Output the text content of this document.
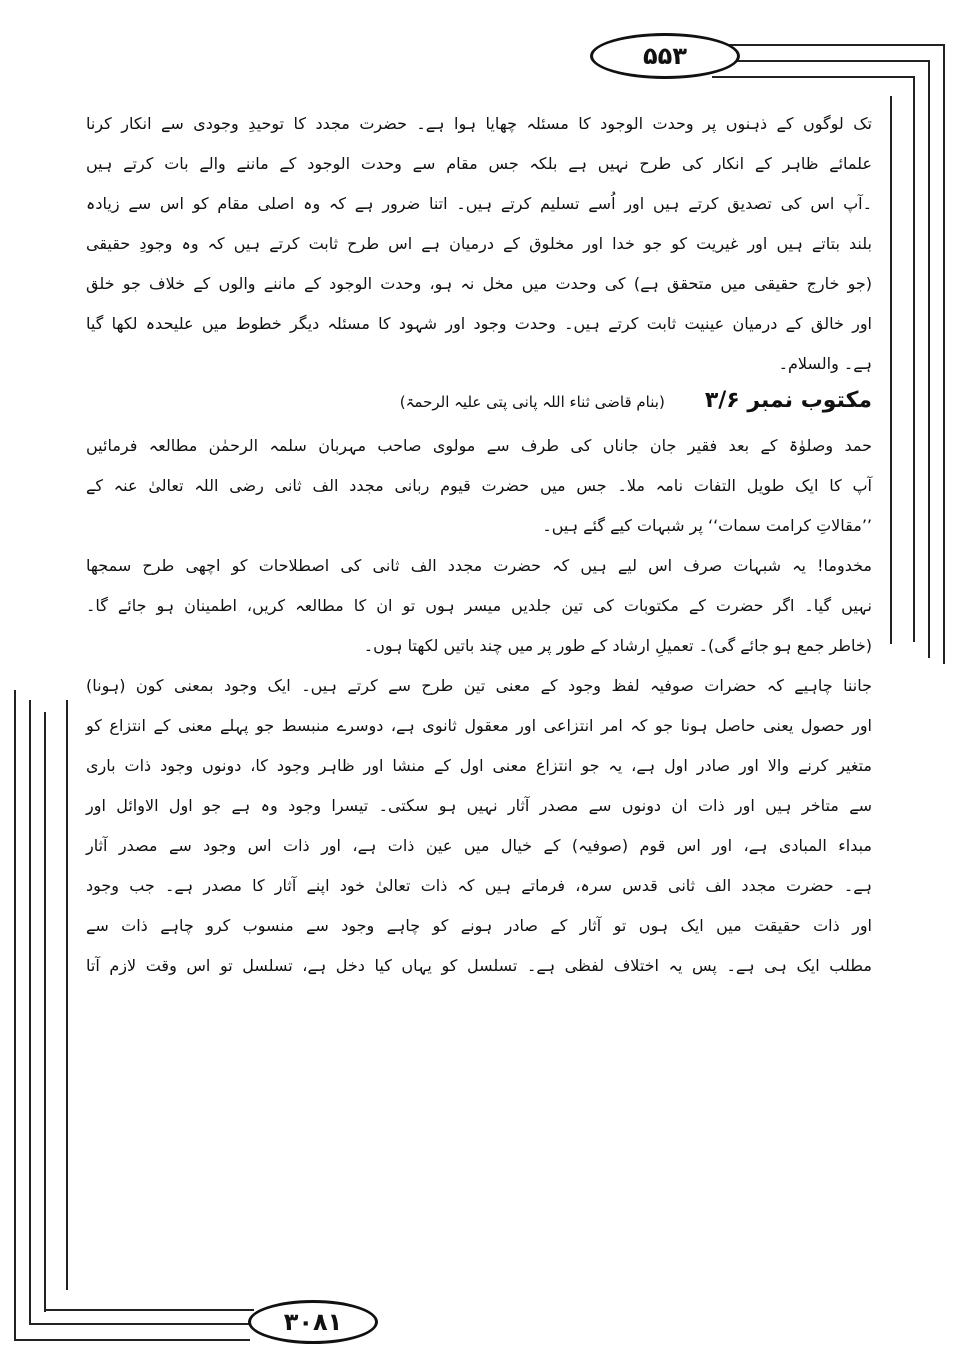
۵۵۳
۳۰۸۱
تک لوگوں کے ذہنوں پر وحدت الوجود کا مسئلہ چھایا ہوا ہے۔ حضرت مجدد کا توحیدِ وجودی سے انکار کرنا
علمائے ظاہر کے انکار کی طرح نہیں ہے بلکہ جس مقام سے وحدت الوجود کے ماننے والے بات کرتے ہیں
۔آپ اس کی تصدیق کرتے ہیں اور اُسے تسلیم کرتے ہیں۔ اتنا ضرور ہے کہ وہ اصلی مقام کو اس سے زیادہ
بلند بتاتے ہیں اور غیریت کو جو خدا اور مخلوق کے درمیان ہے اس طرح ثابت کرتے ہیں کہ وہ وجودِ حقیقی
(جو خارج حقیقی میں متحقق ہے) کی وحدت میں مخل نہ ہو، وحدت الوجود کے ماننے والوں کے خلاف جو خلق
اور خالق کے درمیان عینیت ثابت کرتے ہیں۔ وحدت وجود اور شہود کا مسئلہ دیگر خطوط میں علیحدہ لکھا گیا
ہے۔ والسلام۔
مکتوب نمبر ۳/۶
(بنام قاضی ثناء اللہ پانی پتی علیہ الرحمۃ)
حمد وصلوٰۃ کے بعد فقیر جان جاناں کی طرف سے مولوی صاحب مہربان سلمہ الرحمٰن مطالعہ فرمائیں
آپ کا ایک طویل التفات نامہ ملا۔ جس میں حضرت قیوم ربانی مجدد الف ثانی رضی اللہ تعالیٰ عنہ کے
’’مقالاتِ کرامت سمات‘‘ پر شبہات کیے گئے ہیں۔
مخدوما! یہ شبہات صرف اس لیے ہیں کہ حضرت مجدد الف ثانی کی اصطلاحات کو اچھی طرح سمجھا
نہیں گیا۔ اگر حضرت کے مکتوبات کی تین جلدیں میسر ہوں تو ان کا مطالعہ کریں، اطمینان ہو جائے گا۔
(خاطر جمع ہو جائے گی)۔ تعمیلِ ارشاد کے طور پر میں چند باتیں لکھتا ہوں۔
جاننا چاہیے کہ حضرات صوفیہ لفظ وجود کے معنی تین طرح سے کرتے ہیں۔ ایک وجود بمعنی کون (ہونا)
اور حصول یعنی حاصل ہونا جو کہ امر انتزاعی اور معقول ثانوی ہے، دوسرے منبسط جو پہلے معنی کے انتزاع کو
متغیر کرنے والا اور صادر اول ہے، یہ جو انتزاع معنی اول کے منشا اور ظاہر وجود کا، دونوں وجود ذات باری
سے متاخر ہیں اور ذات ان دونوں سے مصدر آثار نہیں ہو سکتی۔ تیسرا وجود وہ ہے جو اول الاوائل اور
مبداء المبادی ہے، اور اس قوم (صوفیہ) کے خیال میں عین ذات ہے، اور ذات اس وجود سے مصدر آثار
ہے۔ حضرت مجدد الف ثانی قدس سرہ، فرماتے ہیں کہ ذات تعالیٰ خود اپنے آثار کا مصدر ہے۔ جب وجود
اور ذات حقیقت میں ایک ہوں تو آثار کے صادر ہونے کو چاہے وجود سے منسوب کرو چاہے ذات سے
مطلب ایک ہی ہے۔ پس یہ اختلاف لفظی ہے۔ تسلسل کو یہاں کیا دخل ہے، تسلسل تو اس وقت لازم آتا
